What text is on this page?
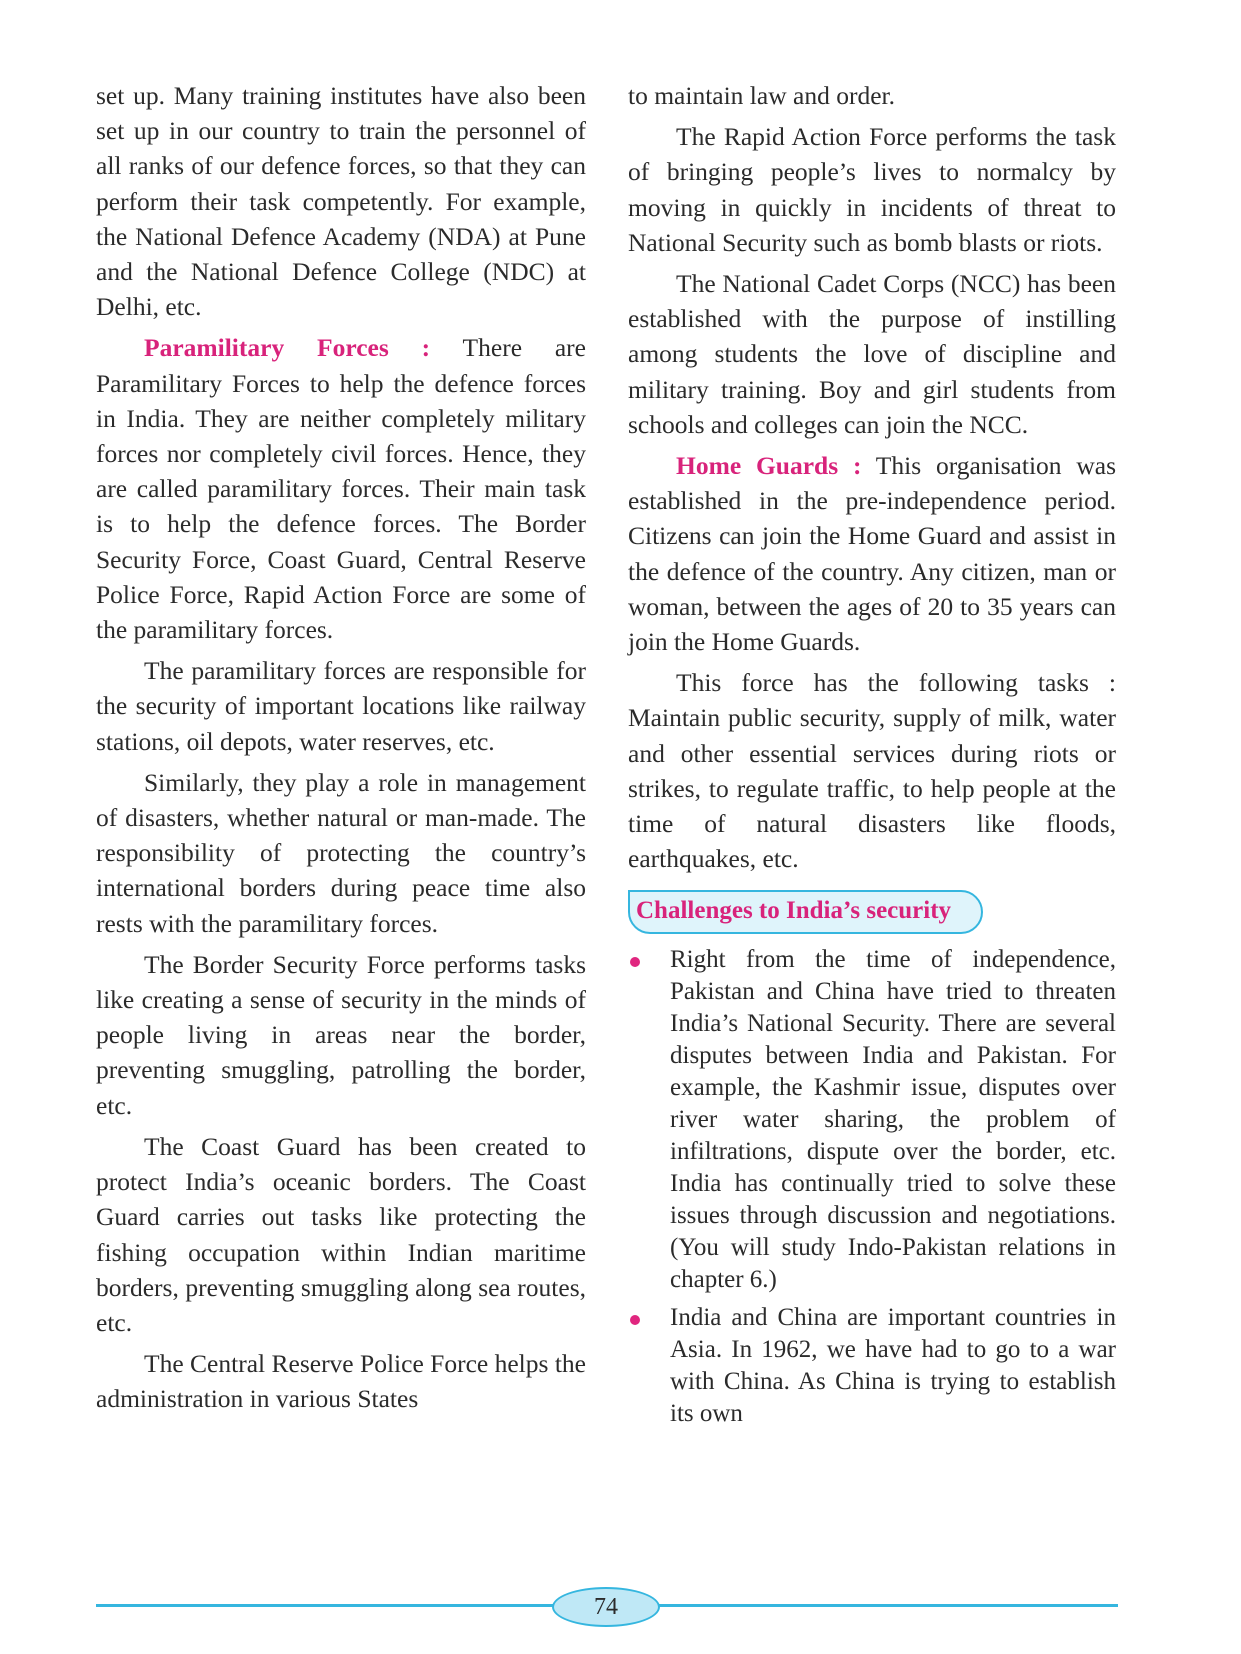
set up. Many training institutes have also been set up in our country to train the personnel of all ranks of our defence forces, so that they can perform their task competently. For example, the National Defence Academy (NDA) at Pune and the National Defence College (NDC) at Delhi, etc.

Paramilitary Forces : There are Paramilitary Forces to help the defence forces in India. They are neither completely military forces nor completely civil forces. Hence, they are called paramilitary forces. Their main task is to help the defence forces. The Border Security Force, Coast Guard, Central Reserve Police Force, Rapid Action Force are some of the paramilitary forces.

The paramilitary forces are responsible for the security of important locations like railway stations, oil depots, water reserves, etc.

Similarly, they play a role in management of disasters, whether natural or man-made. The responsibility of protecting the country’s international borders during peace time also rests with the paramilitary forces.

The Border Security Force performs tasks like creating a sense of security in the minds of people living in areas near the border, preventing smuggling, patrolling the border, etc.

The Coast Guard has been created to protect India’s oceanic borders. The Coast Guard carries out tasks like protecting the fishing occupation within Indian maritime borders, preventing smuggling along sea routes, etc.

The Central Reserve Police Force helps the administration in various States

to maintain law and order.

The Rapid Action Force performs the task of bringing people’s lives to normalcy by moving in quickly in incidents of threat to National Security such as bomb blasts or riots.

The National Cadet Corps (NCC) has been established with the purpose of instilling among students the love of discipline and military training. Boy and girl students from schools and colleges can join the NCC.

Home Guards : This organisation was established in the pre-independence period. Citizens can join the Home Guard and assist in the defence of the country. Any citizen, man or woman, between the ages of 20 to 35 years can join the Home Guards.

This force has the following tasks : Maintain public security, supply of milk, water and other essential services during riots or strikes, to regulate traffic, to help people at the time of natural disasters like floods, earthquakes, etc.

Challenges to India’s security
Right from the time of independence, Pakistan and China have tried to threaten India’s National Security. There are several disputes between India and Pakistan. For example, the Kashmir issue, disputes over river water sharing, the problem of infiltrations, dispute over the border, etc. India has continually tried to solve these issues through discussion and negotiations. (You will study Indo-Pakistan relations in chapter 6.)
India and China are important countries in Asia. In 1962, we have had to go to a war with China. As China is trying to establish its own
74
